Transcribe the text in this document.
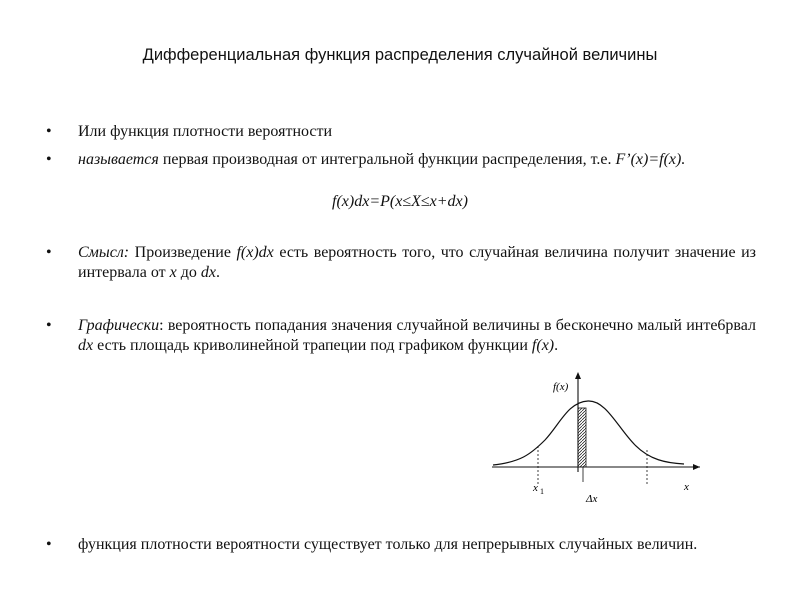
Дифференциальная функция распределения случайной величины
• Или функция плотности вероятности
• называется первая производная от интегральной функции распределения, т.е. F’(x)=f(x).
f(x)dx=P(x≤X≤x+dx)
• Смысл: Произведение f(x)dx есть вероятность того, что случайная величина получит значение из интервала от x до dx.
• Графически: вероятность попадания значения случайной величины в бесконечно малый инте6рвал dx есть площадь криволинейной трапеции под графиком функции f(x).
f(x)
x
x 1
Δx
• функция плотности вероятности существует только для непрерывных случайных величин.
